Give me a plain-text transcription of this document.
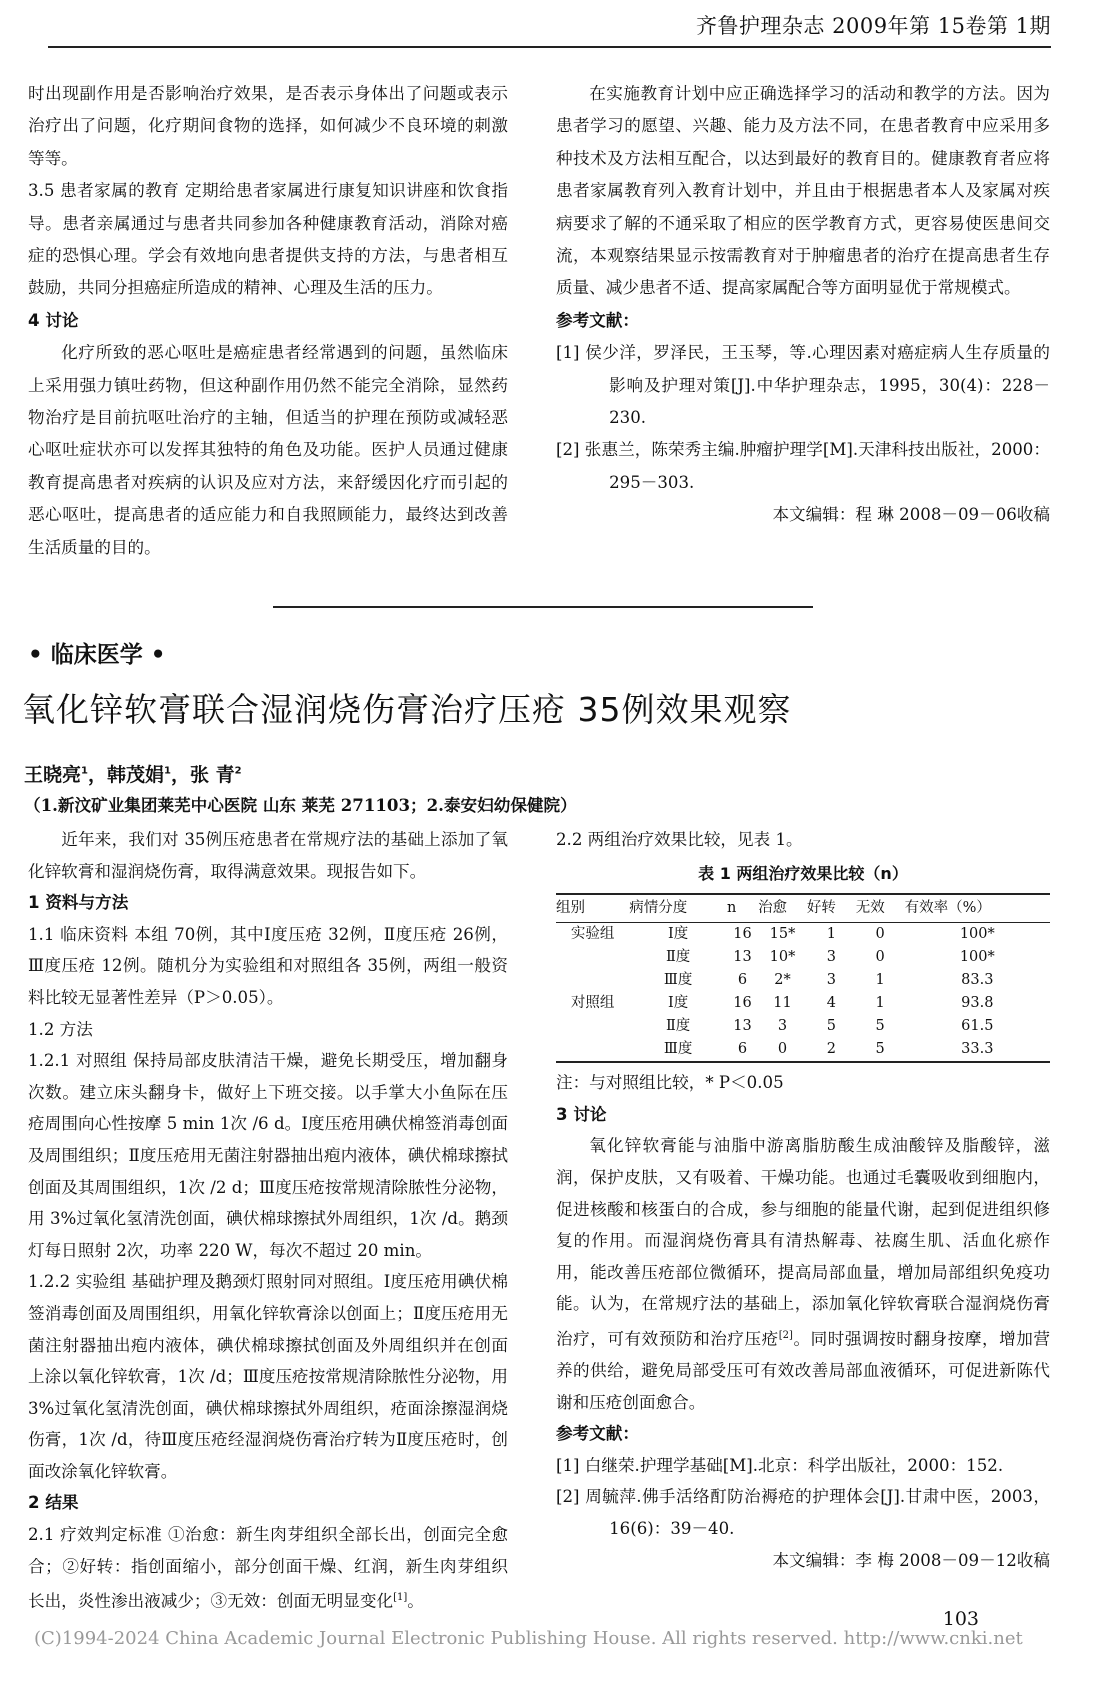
齐鲁护理杂志 2009年第 15卷第 1期

时出现副作用是否影响治疗效果，是否表示身体出了问题或表示治疗出了问题，化疗期间食物的选择，如何减少不良环境的刺激等等。

3.5 患者家属的教育 定期给患者家属进行康复知识讲座和饮食指导。患者亲属通过与患者共同参加各种健康教育活动，消除对癌症的恐惧心理。学会有效地向患者提供支持的方法，与患者相互鼓励，共同分担癌症所造成的精神、心理及生活的压力。

4 讨论

化疗所致的恶心呕吐是癌症患者经常遇到的问题，虽然临床上采用强力镇吐药物，但这种副作用仍然不能完全消除，显然药物治疗是目前抗呕吐治疗的主轴，但适当的护理在预防或减轻恶心呕吐症状亦可以发挥其独特的角色及功能。医护人员通过健康教育提高患者对疾病的认识及应对方法，来舒缓因化疗而引起的恶心呕吐，提高患者的适应能力和自我照顾能力，最终达到改善生活质量的目的。

在实施教育计划中应正确选择学习的活动和教学的方法。因为患者学习的愿望、兴趣、能力及方法不同，在患者教育中应采用多种技术及方法相互配合，以达到最好的教育目的。健康教育者应将患者家属教育列入教育计划中，并且由于根据患者本人及家属对疾病要求了解的不通采取了相应的医学教育方式，更容易使医患间交流，本观察结果显示按需教育对于肿瘤患者的治疗在提高患者生存质量、减少患者不适、提高家属配合等方面明显优于常规模式。

参考文献：

[1] 侯少洋，罗泽民，王玉琴，等.心理因素对癌症病人生存质量的影响及护理对策[J].中华护理杂志，1995，30(4)：228－230.

[2] 张惠兰，陈荣秀主编.肿瘤护理学[M].天津科技出版社，2000：295－303.

本文编辑：程 琳 2008－09－06收稿

• 临床医学 •
氧化锌软膏联合湿润烧伤膏治疗压疮 35例效果观察
王晓亮$^1$，韩茂娟$^1$，张 青$^2$
（1.新汶矿业集团莱芜中心医院 山东 莱芜 271103；2.泰安妇幼保健院）

近年来，我们对 35例压疮患者在常规疗法的基础上添加了氧化锌软膏和湿润烧伤膏，取得满意效果。现报告如下。

1 资料与方法

1.1 临床资料 本组 70例，其中Ⅰ度压疮 32例，Ⅱ度压疮 26例，Ⅲ度压疮 12例。随机分为实验组和对照组各 35例，两组一般资料比较无显著性差异（P＞0.05）。

1.2 方法

1.2.1 对照组 保持局部皮肤清洁干燥，避免长期受压，增加翻身次数。建立床头翻身卡，做好上下班交接。以手掌大小鱼际在压疮周围向心性按摩 5 min 1次 /6 d。Ⅰ度压疮用碘伏棉签消毒创面及周围组织；Ⅱ度压疮用无菌注射器抽出疱内液体，碘伏棉球擦拭创面及其周围组织，1次 /2 d；Ⅲ度压疮按常规清除脓性分泌物，用 3%过氧化氢清洗创面，碘伏棉球擦拭外周组织，1次 /d。鹅颈灯每日照射 2次，功率 220 W，每次不超过 20 min。

1.2.2 实验组 基础护理及鹅颈灯照射同对照组。Ⅰ度压疮用碘伏棉签消毒创面及周围组织，用氧化锌软膏涂以创面上；Ⅱ度压疮用无菌注射器抽出疱内液体，碘伏棉球擦拭创面及外周组织并在创面上涂以氧化锌软膏，1次 /d；Ⅲ度压疮按常规清除脓性分泌物，用 3%过氧化氢清洗创面，碘伏棉球擦拭外周组织，疮面涂擦湿润烧伤膏，1次 /d，待Ⅲ度压疮经湿润烧伤膏治疗转为Ⅱ度压疮时，创面改涂氧化锌软膏。

2 结果

2.1 疗效判定标准 ①治愈：新生肉芽组织全部长出，创面完全愈合；②好转：指创面缩小，部分创面干燥、红润，新生肉芽组织长出，炎性渗出液减少；③无效：创面无明显变化[1]。

2.2 两组治疗效果比较，见表 1。

表 1 两组治疗效果比较（n）
组别	病情分度	n	治愈	好转	无效	有效率（%）
实验组	Ⅰ度	16	15*	1	0	100*
	Ⅱ度	13	10*	3	0	100*
	Ⅲ度	6	2*	3	1	83.3
对照组	Ⅰ度	16	11	4	1	93.8
	Ⅱ度	13	3	5	5	61.5
	Ⅲ度	6	0	2	5	33.3

注：与对照组比较，* P＜0.05

3 讨论

氧化锌软膏能与油脂中游离脂肪酸生成油酸锌及脂酸锌，滋润，保护皮肤，又有吸着、干燥功能。也通过毛囊吸收到细胞内，促进核酸和核蛋白的合成，参与细胞的能量代谢，起到促进组织修复的作用。而湿润烧伤膏具有清热解毒、祛腐生肌、活血化瘀作用，能改善压疮部位微循环，提高局部血量，增加局部组织免疫功能。认为，在常规疗法的基础上，添加氧化锌软膏联合湿润烧伤膏治疗，可有效预防和治疗压疮[2]。同时强调按时翻身按摩，增加营养的供给，避免局部受压可有效改善局部血液循环，可促进新陈代谢和压疮创面愈合。

参考文献：

[1] 白继荣.护理学基础[M].北京：科学出版社，2000：152.

[2] 周毓萍.佛手活络酊防治褥疮的护理体会[J].甘肃中医，2003，16(6)：39－40.

本文编辑：李 梅 2008－09－12收稿

103
(C)1994-2024 China Academic Journal Electronic Publishing House. All rights reserved. http://www.cnki.net
